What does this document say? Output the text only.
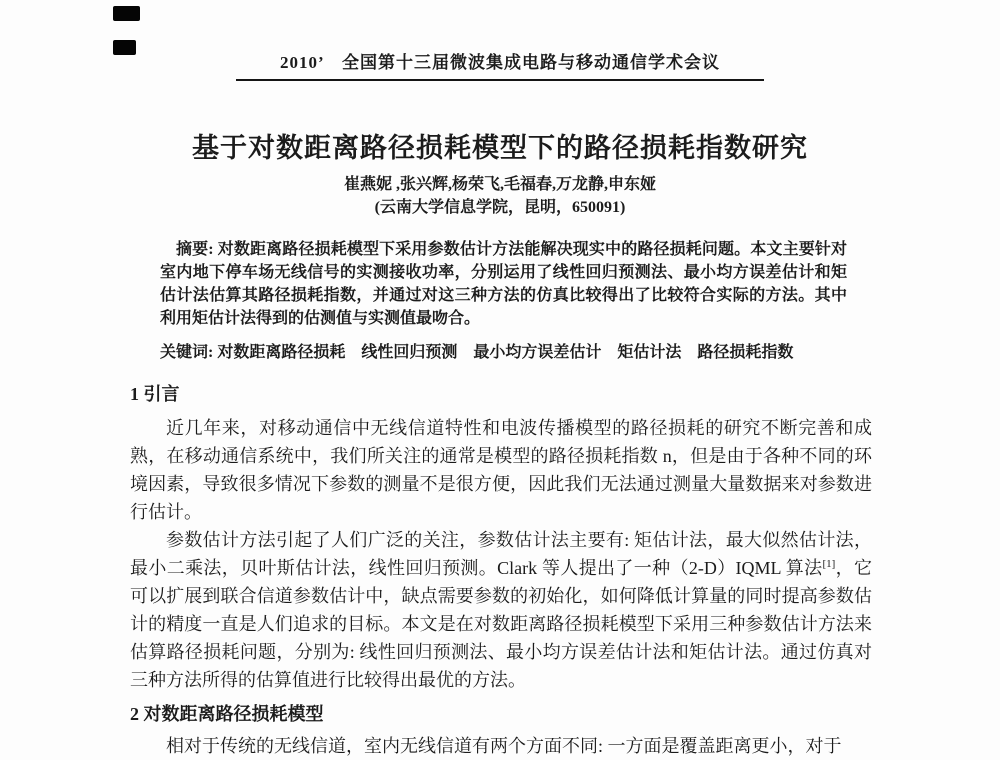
2010’　全国第十三届微波集成电路与移动通信学术会议
基于对数距离路径损耗模型下的路径损耗指数研究
崔燕妮 ,张兴辉,杨荣飞,毛福春,万龙静,申东娅
(云南大学信息学院，昆明，650091)
摘要: 对数距离路径损耗模型下采用参数估计方法能解决现实中的路径损耗问题。本文主要针对室内地下停车场无线信号的实测接收功率，分别运用了线性回归预测法、最小均方误差估计和矩估计法估算其路径损耗指数，并通过对这三种方法的仿真比较得出了比较符合实际的方法。其中利用矩估计法得到的估测值与实测值最吻合。
关键词: 对数距离路径损耗　线性回归预测　最小均方误差估计　矩估计法　路径损耗指数
1 引言

近几年来，对移动通信中无线信道特性和电波传播模型的路径损耗的研究不断完善和成熟，在移动通信系统中，我们所关注的通常是模型的路径损耗指数 n，但是由于各种不同的环境因素，导致很多情况下参数的测量不是很方便，因此我们无法通过测量大量数据来对参数进行估计。

参数估计方法引起了人们广泛的关注，参数估计法主要有: 矩估计法，最大似然估计法，最小二乘法，贝叶斯估计法，线性回归预测。Clark 等人提出了一种（2-D）IQML 算法[1]，它可以扩展到联合信道参数估计中，缺点需要参数的初始化，如何降低计算量的同时提高参数估计的精度一直是人们追求的目标。本文是在对数距离路径损耗模型下采用三种参数估计方法来估算路径损耗问题，分别为: 线性回归预测法、最小均方误差估计法和矩估计法。通过仿真对三种方法所得的估算值进行比较得出最优的方法。

2 对数距离路径损耗模型

相对于传统的无线信道，室内无线信道有两个方面不同: 一方面是覆盖距离更小，对于
